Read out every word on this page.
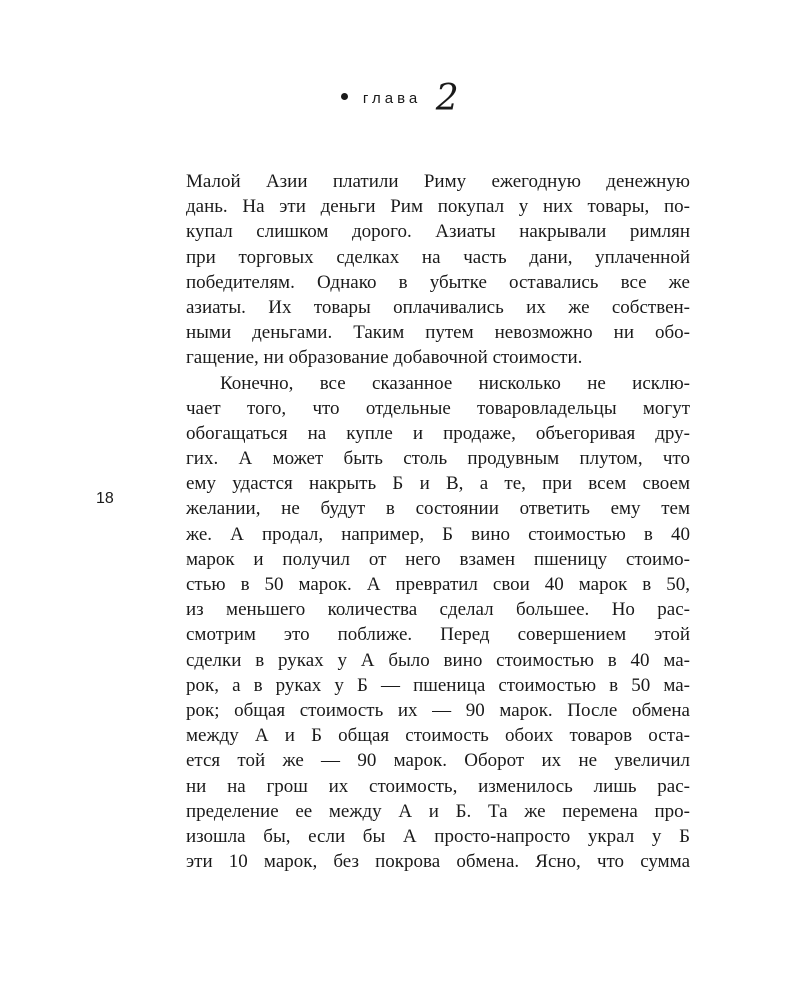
глава 2
18
Малой Азии платили Риму ежегодную денежную
дань. На эти деньги Рим покупал у них товары, по-
купал слишком дорого. Азиаты накрывали римлян
при торговых сделках на часть дани, уплаченной
победителям. Однако в убытке оставались все же
азиаты. Их товары оплачивались их же собствен-
ными деньгами. Таким путем невозможно ни обо-
гащение, ни образование добавочной стоимости.
Конечно, все сказанное нисколько не исклю-
чает того, что отдельные товаровладельцы могут
обогащаться на купле и продаже, объегоривая дру-
гих. А может быть столь продувным плутом, что
ему удастся накрыть Б и В, а те, при всем своем
желании, не будут в состоянии ответить ему тем
же. А продал, например, Б вино стоимостью в 40
марок и получил от него взамен пшеницу стоимо-
стью в 50 марок. А превратил свои 40 марок в 50,
из меньшего количества сделал большее. Но рас-
смотрим это поближе. Перед совершением этой
сделки в руках у А было вино стоимостью в 40 ма-
рок, а в руках у Б — пшеница стоимостью в 50 ма-
рок; общая стоимость их — 90 марок. После обмена
между А и Б общая стоимость обоих товаров оста-
ется той же — 90 марок. Оборот их не увеличил
ни на грош их стоимость, изменилось лишь рас-
пределение ее между А и Б. Та же перемена про-
изошла бы, если бы А просто-напросто украл у Б
эти 10 марок, без покрова обмена. Ясно, что сумма
